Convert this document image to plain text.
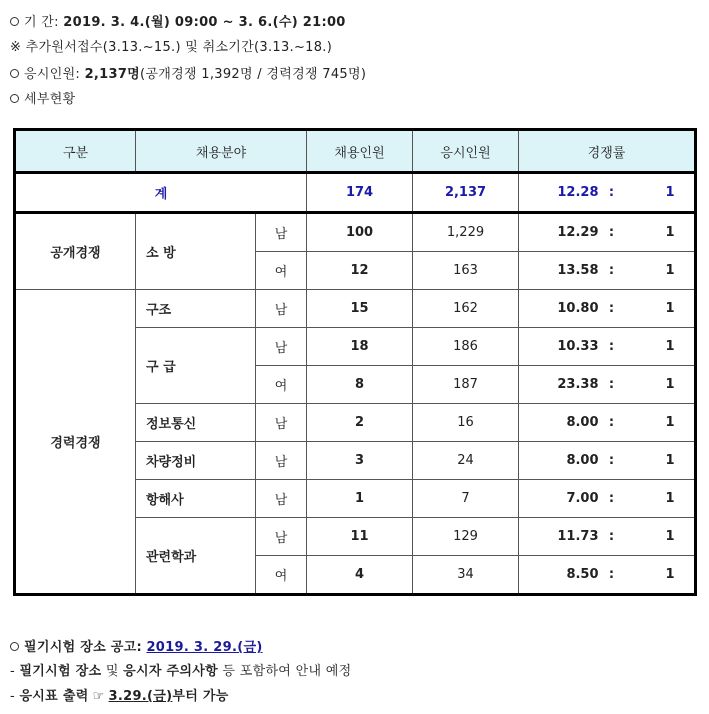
기 간: 2019. 3. 4.(월) 09:00 ~ 3. 6.(수) 21:00
※ 추가원서접수(3.13.~15.) 및 취소기간(3.13.~18.)
응시인원: 2,137명(공개경쟁 1,392명 / 경력경쟁 745명)
세부현황
구분	채용분야		채용인원	응시인원	경쟁률
계			174	2,137	12.28 : 1
공개경쟁	소 방	남	100	1,229	12.29 : 1
		여	12	163	13.58 : 1
경력경쟁	구조	남	15	162	10.80 : 1
	구 급	남	18	186	10.33 : 1
		여	8	187	23.38 : 1
	정보통신	남	2	16	8.00 : 1
	차량정비	남	3	24	8.00 : 1
	항해사	남	1	7	7.00 : 1
	관련학과	남	11	129	11.73 : 1
		여	4	34	8.50 : 1
필기시험 장소 공고: 2019. 3. 29.(금)
- 필기시험 장소 및 응시자 주의사항 등 포함하여 안내 예정
- 응시표 출력 ☞ 3.29.(금)부터 가능
